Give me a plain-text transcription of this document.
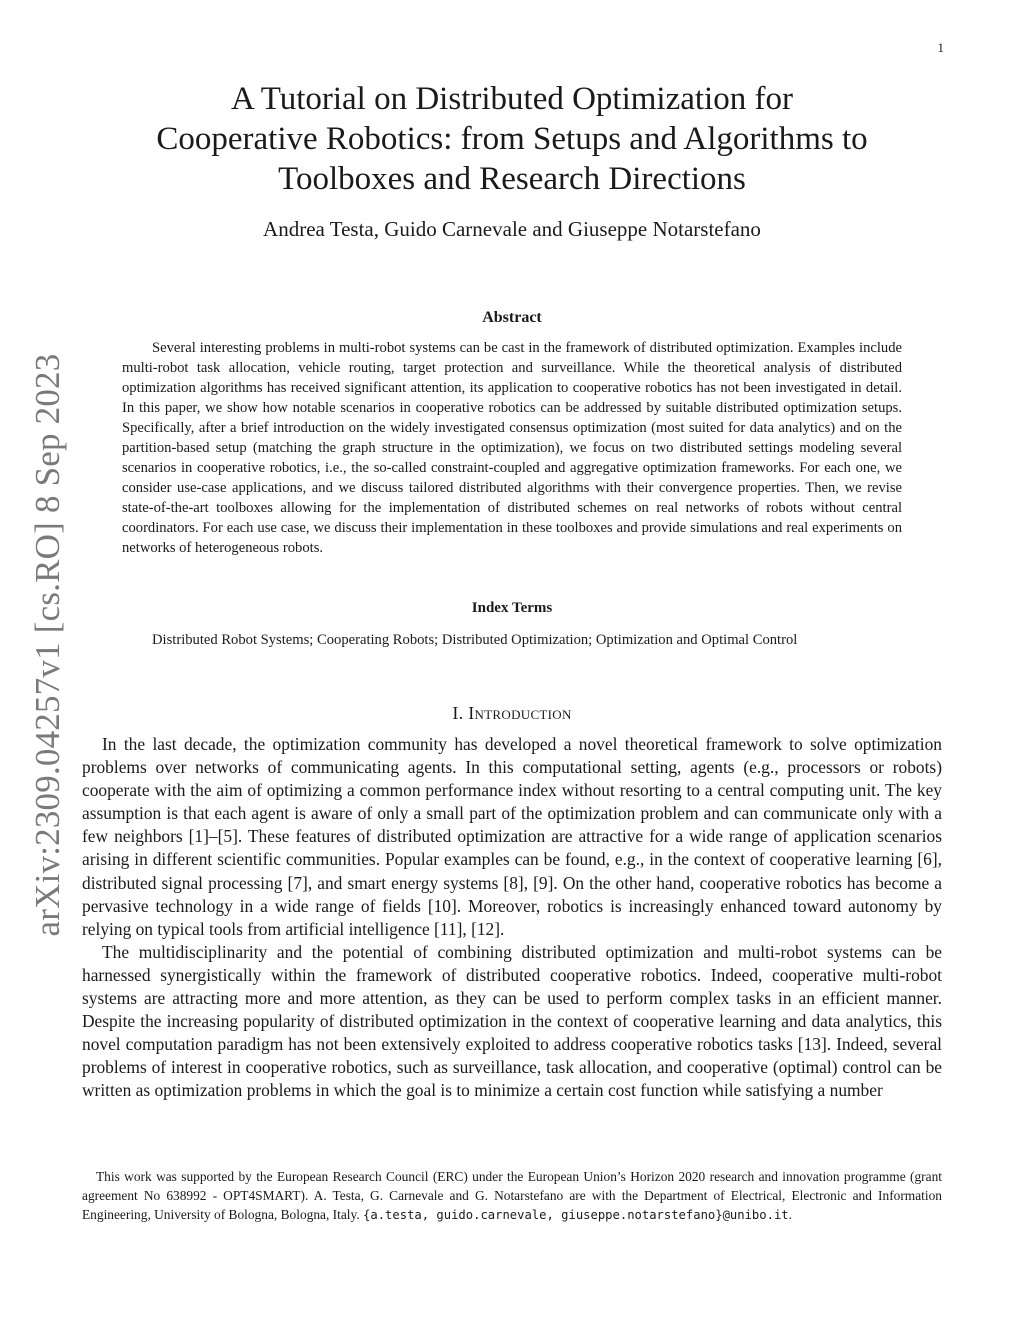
1
arXiv:2309.04257v1 [cs.RO] 8 Sep 2023
A Tutorial on Distributed Optimization for
Cooperative Robotics: from Setups and Algorithms to
Toolboxes and Research Directions
Andrea Testa, Guido Carnevale and Giuseppe Notarstefano
Abstract

Several interesting problems in multi-robot systems can be cast in the framework of distributed optimization. Examples include multi-robot task allocation, vehicle routing, target protection and surveillance. While the theoretical analysis of distributed optimization algorithms has received significant attention, its application to cooperative robotics has not been investigated in detail. In this paper, we show how notable scenarios in cooperative robotics can be addressed by suitable distributed optimization setups. Specifically, after a brief introduction on the widely investigated consensus optimization (most suited for data analytics) and on the partition-based setup (matching the graph structure in the optimization), we focus on two distributed settings modeling several scenarios in cooperative robotics, i.e., the so-called constraint-coupled and aggregative optimization frameworks. For each one, we consider use-case applications, and we discuss tailored distributed algorithms with their convergence properties. Then, we revise state-of-the-art toolboxes allowing for the implementation of distributed schemes on real networks of robots without central coordinators. For each use case, we discuss their implementation in these toolboxes and provide simulations and real experiments on networks of heterogeneous robots.

Index Terms

Distributed Robot Systems; Cooperating Robots; Distributed Optimization; Optimization and Optimal Control

I. Introduction

In the last decade, the optimization community has developed a novel theoretical framework to solve optimization problems over networks of communicating agents. In this computational setting, agents (e.g., processors or robots) cooperate with the aim of optimizing a common performance index without resorting to a central computing unit. The key assumption is that each agent is aware of only a small part of the optimization problem and can communicate only with a few neighbors [1]–[5]. These features of distributed optimization are attractive for a wide range of application scenarios arising in different scientific communities. Popular examples can be found, e.g., in the context of cooperative learning [6], distributed signal processing [7], and smart energy systems [8], [9]. On the other hand, cooperative robotics has become a pervasive technology in a wide range of fields [10]. Moreover, robotics is increasingly enhanced toward autonomy by relying on typical tools from artificial intelligence [11], [12].

The multidisciplinarity and the potential of combining distributed optimization and multi-robot systems can be harnessed synergistically within the framework of distributed cooperative robotics. Indeed, cooperative multi-robot systems are attracting more and more attention, as they can be used to perform complex tasks in an efficient manner. Despite the increasing popularity of distributed optimization in the context of cooperative learning and data analytics, this novel computation paradigm has not been extensively exploited to address cooperative robotics tasks [13]. Indeed, several problems of interest in cooperative robotics, such as surveillance, task allocation, and cooperative (optimal) control can be written as optimization problems in which the goal is to minimize a certain cost function while satisfying a number

This work was supported by the European Research Council (ERC) under the European Union’s Horizon 2020 research and innovation programme (grant agreement No 638992 - OPT4SMART). A. Testa, G. Carnevale and G. Notarstefano are with the Department of Electrical, Electronic and Information Engineering, University of Bologna, Bologna, Italy. {a.testa, guido.carnevale, giuseppe.notarstefano}@unibo.it.
